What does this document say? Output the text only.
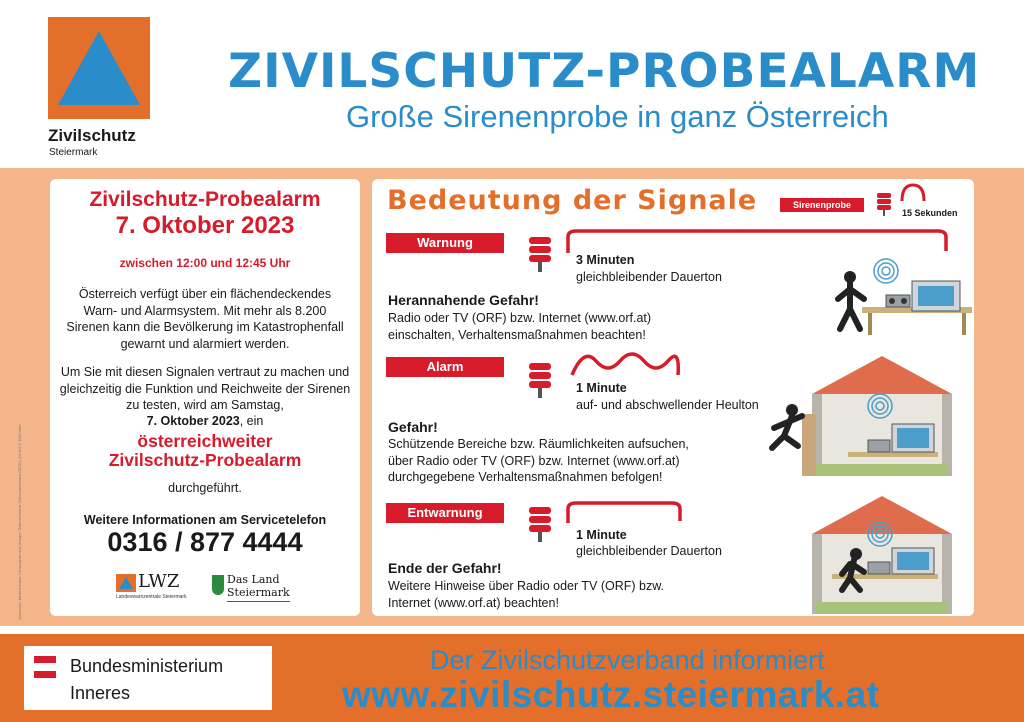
Zivilschutz
Steiermark
ZIVILSCHUTZ-PROBEALARM
Große Sirenenprobe in ganz Österreich
Impressum: Medieninhaber, Herausgeber und Verleger: Österreichischer Zivilschutzverband (ÖZSV), Am Hof 4, 1010 Wien
Zivilschutz-Probealarm
7. Oktober 2023
zwischen 12:00 und 12:45 Uhr
Österreich verfügt über ein flächendeckendes Warn- und Alarmsystem. Mit mehr als 8.200 Sirenen kann die Bevölkerung im Katastrophenfall gewarnt und alarmiert werden.
Um Sie mit diesen Signalen vertraut zu machen und gleichzeitig die Funktion und Reichweite der Sirenen zu testen, wird am Samstag,
7. Oktober 2023, ein
österreichweiter
Zivilschutz-Probealarm
durchgeführt.
Weitere Informationen am Servicetelefon
0316 / 877 4444
LWZ
Landeswarnzentrale Steiermark
Das Land
Steiermark
Bedeutung der Signale	Sirenenprobe
15 Sekunden
Warnung
3 Minuten
gleichbleibender Dauerton
Herannahende Gefahr!
Radio oder TV (ORF) bzw. Internet (www.orf.at) einschalten, Verhaltensmaßnahmen beachten!
Alarm
1 Minute
auf- und abschwellender Heulton
Gefahr!
Schützende Bereiche bzw. Räumlichkeiten aufsuchen, über Radio oder TV (ORF) bzw. Internet (www.orf.at) durchgegebene Verhaltensmaßnahmen befolgen!
Entwarnung
1 Minute
gleichbleibender Dauerton
Ende der Gefahr!
Weitere Hinweise über Radio oder TV (ORF) bzw. Internet (www.orf.at) beachten!
Bundesministerium
Inneres
Der Zivilschutzverband informiert
www.zivilschutz.steiermark.at
